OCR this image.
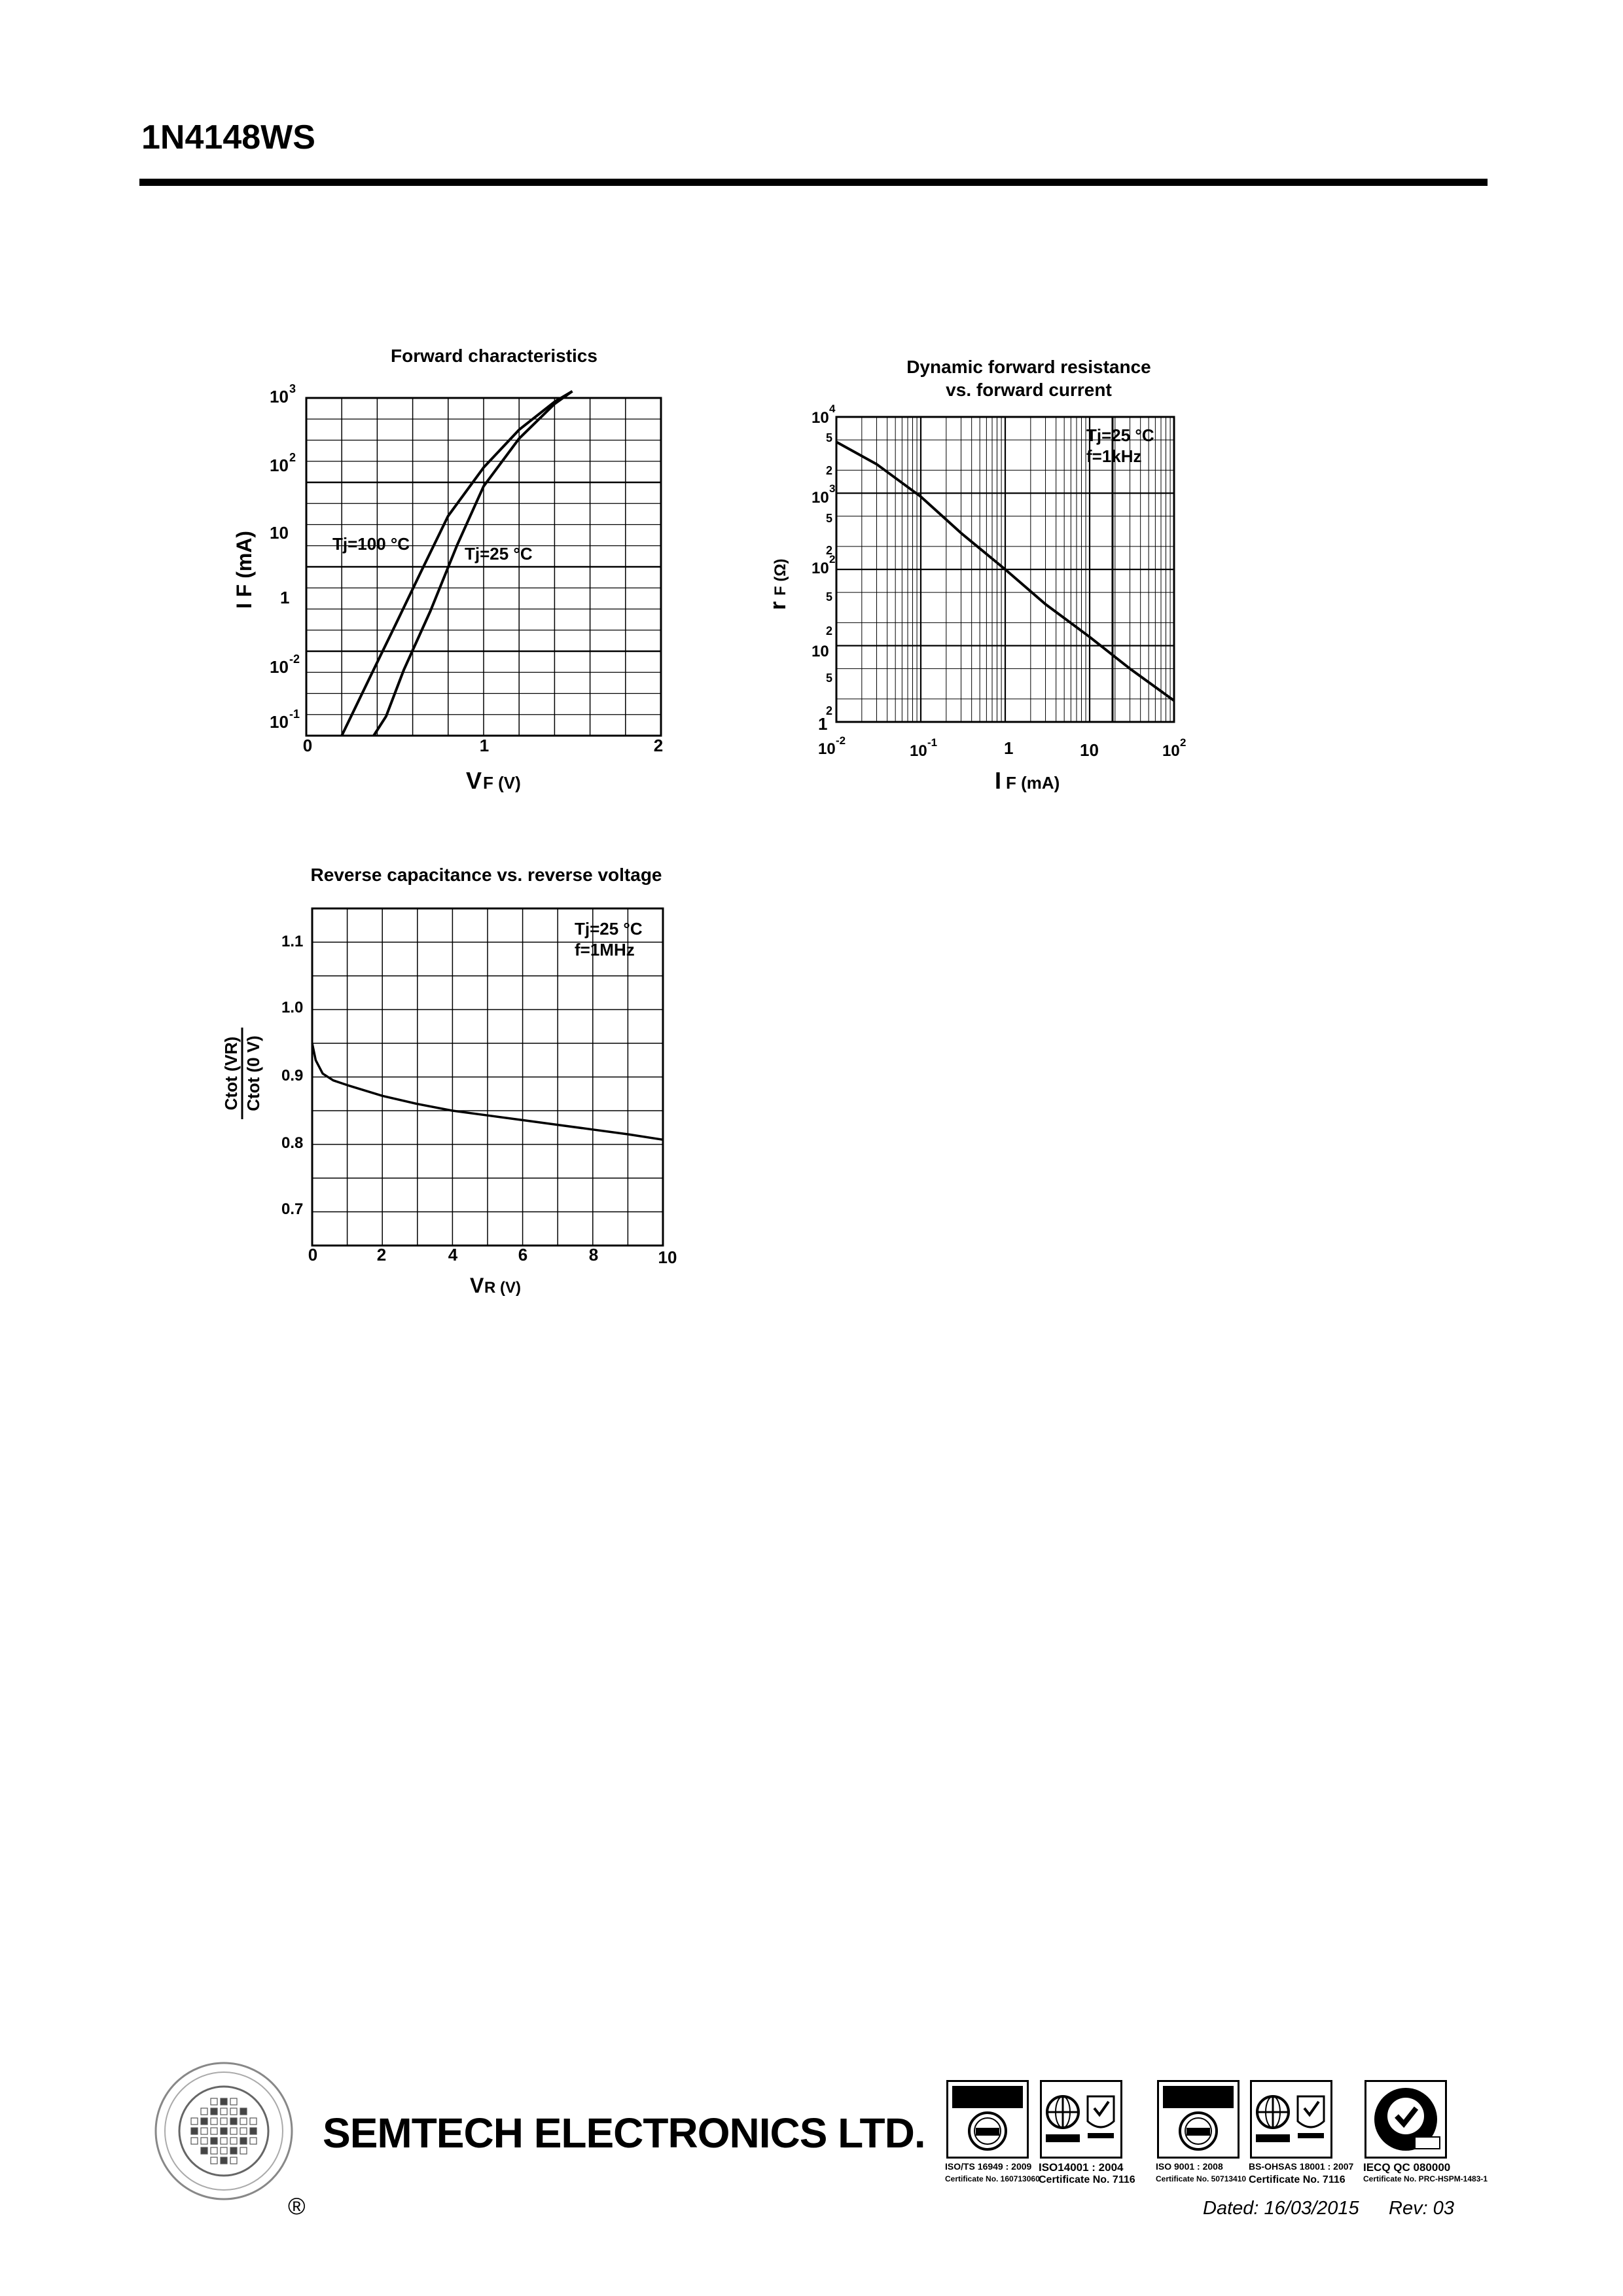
1N4148WS
Forward characteristics
10 3
10 2
10
1
10 -2
10 -1
0	1	2
V F (V)
I F (mA)	Tj=100 °C	Tj=25 °C
Dynamic forward resistance
vs. forward current
10
4
5
2
10
3
5
2
10
2
5
2
10
5
2
1
10 -2
10 -1	1	10	10 2
I F (mA)
r
F (Ω)
Tj=25 °C
f=1kHz
Reverse capacitance vs. reverse voltage
1.1
1.0
0.9
0.8
0.7
0	2	4	6	8	10
V R (V)
Ctot (VR) Ctot (0 V)
Tj=25 °C
f=1MHz
SEMTECH ELECTRONICS LTD.
®
ISO/TS 16949 : 2009
Certificate No. 160713060
ISO14001 : 2004
Certificate No. 7116
ISO 9001 : 2008
Certificate No. 50713410
BS-OHSAS 18001 : 2007
Certificate No. 7116
IECQ QC 080000
Certificate No. PRC-HSPM-1483-1
Dated: 16/03/2015 Rev: 03
